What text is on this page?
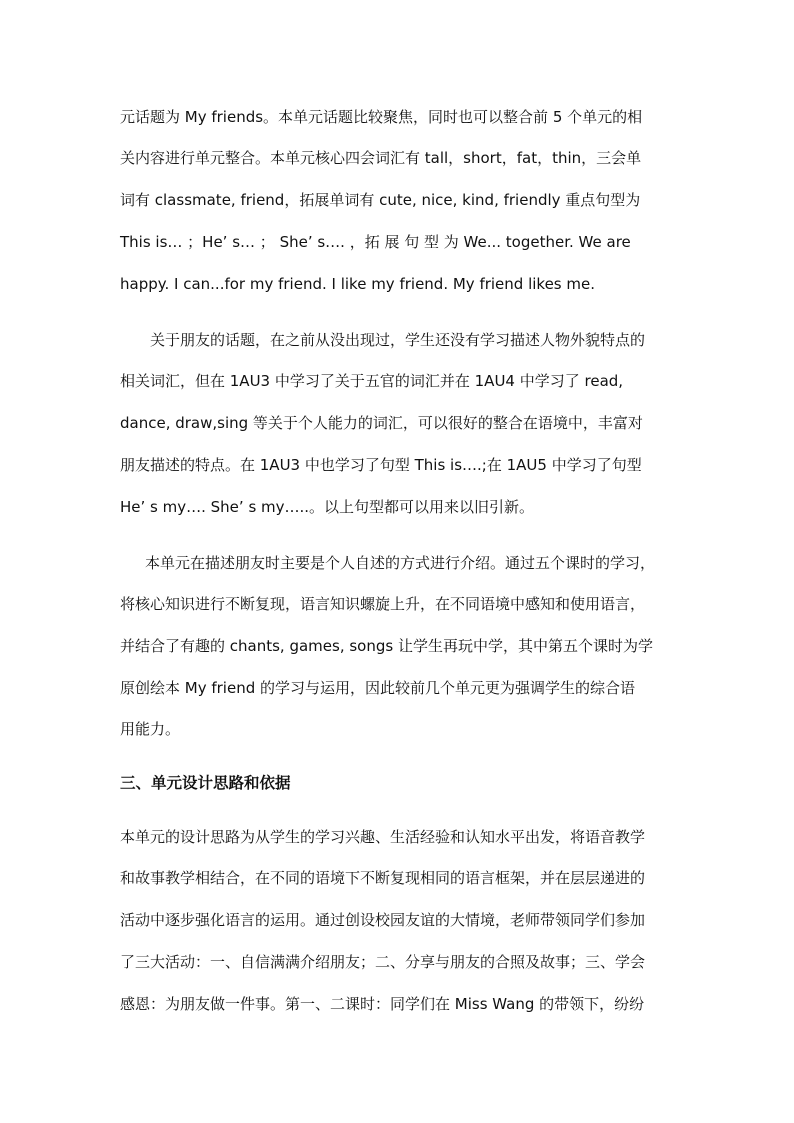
元话题为 My friends。本单元话题比较聚焦，同时也可以整合前 5 个单元的相
关内容进行单元整合。本单元核心四会词汇有 tall，short，fat，thin，三会单
词有 classmate, friend，拓展单词有 cute, nice, kind, friendly 重点句型为
This is… ；He’ s… ； She’ s…. ，拓 展 句 型 为 We... together. We are
happy. I can...for my friend. I like my friend. My friend likes me.
关于朋友的话题，在之前从没出现过，学生还没有学习描述人物外貌特点的
相关词汇，但在 1AU3 中学习了关于五官的词汇并在 1AU4 中学习了 read,
dance, draw,sing 等关于个人能力的词汇，可以很好的整合在语境中，丰富对
朋友描述的特点。在 1AU3 中也学习了句型 This is….;在 1AU5 中学习了句型
He’ s my…. She’ s my…..。以上句型都可以用来以旧引新。
本单元在描述朋友时主要是个人自述的方式进行介绍。通过五个课时的学习，
将核心知识进行不断复现，语言知识螺旋上升，在不同语境中感知和使用语言，
并结合了有趣的 chants, games, songs 让学生再玩中学，其中第五个课时为学
原创绘本 My friend 的学习与运用，因此较前几个单元更为强调学生的综合语
用能力。
三、单元设计思路和依据
本单元的设计思路为从学生的学习兴趣、生活经验和认知水平出发，将语音教学
和故事教学相结合，在不同的语境下不断复现相同的语言框架，并在层层递进的
活动中逐步强化语言的运用。通过创设校园友谊的大情境，老师带领同学们参加
了三大活动：一、自信满满介绍朋友；二、分享与朋友的合照及故事；三、学会
感恩：为朋友做一件事。第一、二课时：同学们在 Miss Wang 的带领下，纷纷
